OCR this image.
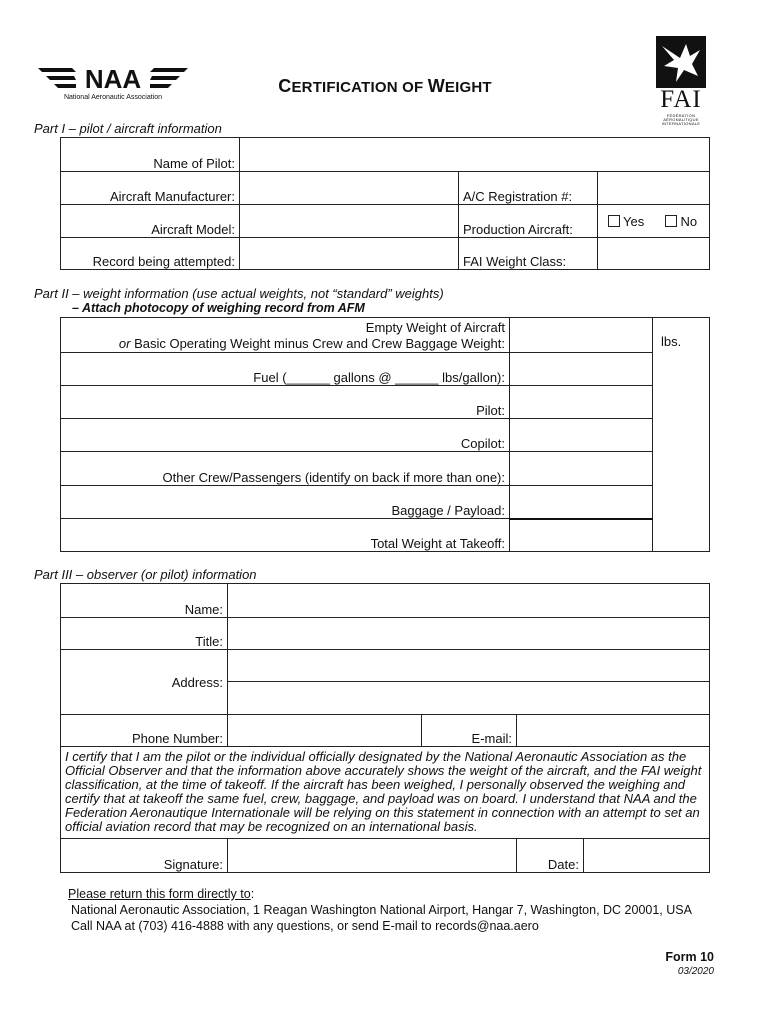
NAA
National Aeronautic Association
CERTIFICATION OF WEIGHT	FAI
FÉDÉRATION AÉRONAUTIQUE INTERNATIONALE
Part I – pilot / aircraft information
Name of Pilot:			
Aircraft Manufacturer:		A/C Registration #:	
Aircraft Model:		Production Aircraft:	Yes No
Record being attempted:		FAI Weight Class:	
Part II – weight information (use actual weights, not “standard” weights)
– Attach photocopy of weighing record from AFM
Empty Weight of Aircraft
or Basic Operating Weight minus Crew and Crew Baggage Weight:		lbs.
Fuel (______ gallons @ ______ lbs/gallon):		
Pilot:		
Copilot:		
Other Crew/Passengers (identify on back if more than one):		
Baggage / Payload:		
Total Weight at Takeoff:		
Part III – observer (or pilot) information
Name:				
Title:				
Address:				

Phone Number:		E-mail:		
I certify that I am the pilot or the individual officially designated by the National Aeronautic Association as the Official Observer and that the information above accurately shows the weight of the aircraft, and the FAI weight classification, at the time of takeoff. If the aircraft has been weighed, I personally observed the weighing and certify that at takeoff the same fuel, crew, baggage, and payload was on board. I understand that NAA and the Federation Aeronautique Internationale will be relying on this statement in connection with an attempt to set an official aviation record that may be recognized on an international basis.				
Signature:			Date:	
Please return this form directly to:
National Aeronautic Association, 1 Reagan Washington National Airport, Hangar 7, Washington, DC 20001, USA
Call NAA at (703) 416-4888 with any questions, or send E-mail to records@naa.aero
Form 10
03/2020
